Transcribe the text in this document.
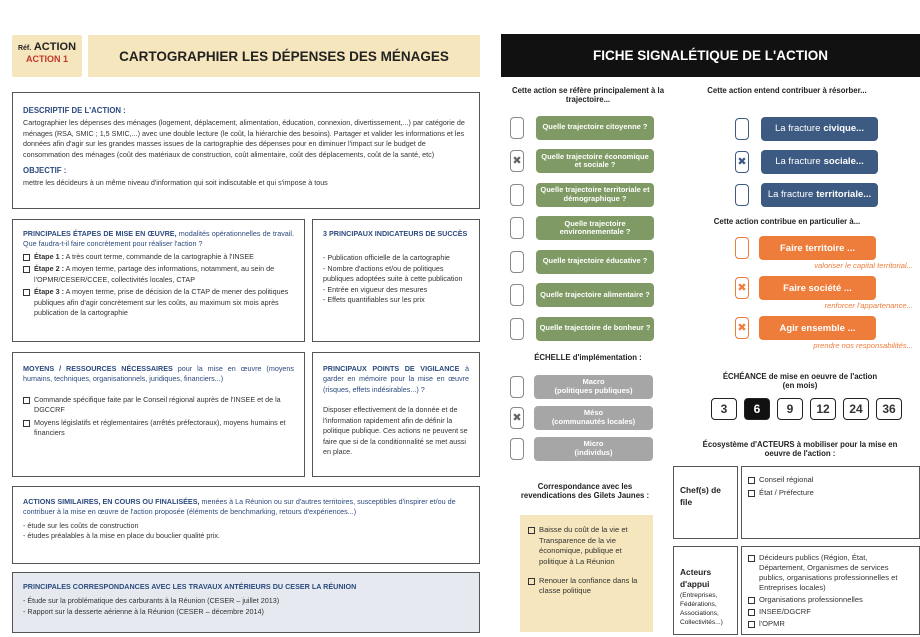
Réf. ACTION
ACTION 1	CARTOGRAPHIER LES DÉPENSES DES MÉNAGES	FICHE SIGNALÉTIQUE DE L'ACTION
DESCRIPTIF DE L'ACTION :
Cartographier les dépenses des ménages (logement, déplacement, alimentation, éducation, connexion, divertissement,...) par catégorie de ménages (RSA, SMIC ; 1,5 SMIC,...) avec une double lecture (le coût, la hiérarchie des besoins). Partager et valider les informations et les données afin d'agir sur les grandes masses issues de la cartographie des dépenses pour en diminuer l'impact sur le budget de consommation des ménages (coût des matériaux de construction, coût alimentaire, coût des déplacements, coût de la santé, etc)
OBJECTIF :
mettre les décideurs à un même niveau d'information qui soit indiscutable et qui s'impose à tous
PRINCIPALES ÉTAPES DE MISE EN ŒUVRE, modalités opérationnelles de travail. Que faudra-t-il faire concrètement pour réaliser l'action ?
Étape 1 : A très court terme, commande de la cartographie à l'INSEE
Étape 2 : A moyen terme, partage des informations, notamment, au sein de l'OPMR/CESER/CCEE, collectivités locales, CTAP
Étape 3 : A moyen terme, prise de décision de la CTAP de mener des politiques publiques afin d'agir concrètement sur les coûts, au maximum six mois après publication de la cartographie
3 PRINCIPAUX INDICATEURS DE SUCCÈS
- Publication officielle de la cartographie
- Nombre d'actions et/ou de politiques publiques adoptées suite à cette publication
- Entrée en vigueur des mesures
- Effets quantifiables sur les prix
MOYENS / RESSOURCES NÉCESSAIRES pour la mise en œuvre (moyens humains, techniques, organisationnels, juridiques, financiers...)
Commande spécifique faite par le Conseil régional auprès de l'INSEE et de la DGCCRF
Moyens législatifs et réglementaires (arrêtés préfectoraux), moyens humains et financiers
PRINCIPAUX POINTS DE VIGILANCE à garder en mémoire pour la mise en œuvre (risques, effets indésirables...) ?
Disposer effectivement de la donnée et de l'information rapidement afin de définir la politique publique. Ces actions ne peuvent se faire que si de la conditionnalité se met aussi en place.
ACTIONS SIMILAIRES, EN COURS OU FINALISÉES, menées à La Réunion ou sur d'autres territoires, susceptibles d'inspirer et/ou de contribuer à la mise en œuvre de l'action proposée (éléments de benchmarking, retours d'expériences...)
- étude sur les coûts de construction
- études préalables à la mise en place du bouclier qualité prix.
PRINCIPALES CORRESPONDANCES AVEC LES TRAVAUX ANTÉRIEURS DU CESER LA RÉUNION
- Étude sur la problématique des carburants à la Réunion (CESER – juillet 2013)
- Rapport sur la desserte aérienne à la Réunion (CESER – décembre 2014)
Cette action se réfère principalement à la trajectoire...
Quelle trajectoire citoyenne ?
✖	Quelle trajectoire économique et sociale ?
Quelle trajectoire territoriale et démographique ?
Quelle trajectoire environnementale ?
Quelle trajectoire éducative ?
Quelle trajectoire alimentaire ?
Quelle trajectoire de bonheur ?
Cette action entend contribuer à résorber...
La fracture civique...
✖	La fracture sociale...
La fracture territoriale...
Cette action contribue en particulier à...
Faire territoire ...
valoriser le capital territorial...
✖	Faire société ...
renforcer l'appartenance...
✖	Agir ensemble ...
prendre nos responsabilités...
ÉCHELLE d'implémentation :
Macro
(politiques publiques)
✖	Méso
(communautés locales)
Micro
(individus)
ÉCHÉANCE de mise en oeuvre de l'action
(en mois)
3	6	9	12	24	36
Écosystème d'ACTEURS à mobiliser pour la mise en oeuvre de l'action :
Correspondance avec les revendications des Gilets Jaunes :
Baisse du coût de la vie et Transparence de la vie économique, publique et politique à La Réunion
Renouer la confiance dans la classe politique
Chef(s) de file
Conseil régional
État / Préfecture
Acteurs d'appui
(Entreprises, Fédérations, Associations, Collectivités...)
Décideurs publics (Région, État, Département, Organismes de services publics, organisations professionnelles et Entreprises locales)
Organisations professionnelles
INSEE/DGCRF
l'OPMR
